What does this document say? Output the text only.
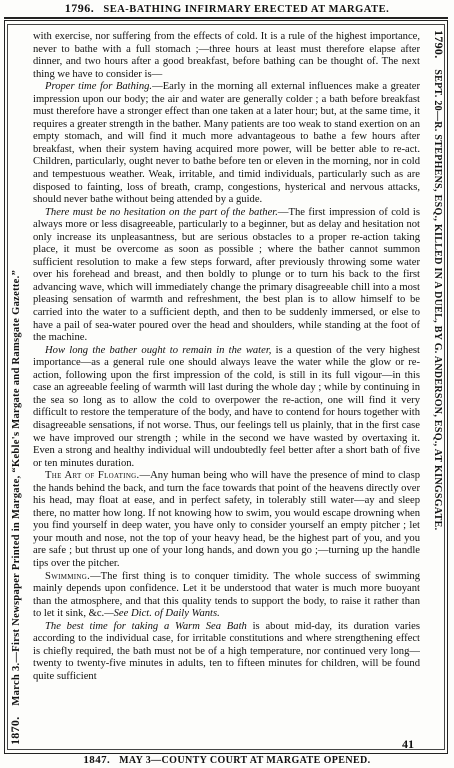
1796. SEA-BATHING INFIRMARY ERECTED AT MARGATE.
1870. March 3.—First Newspaper Printed in Margate, “Keble's Margate and Ramsgate Gazette.”
1790. SEPT. 20—R. STEPHENS, ESQ., KILLED IN A DUEL, BY G. ANDERSON, ESQ., AT KINGSGATE.

with exercise, nor suffering from the effects of cold. It is a rule of the highest importance, never to bathe with a full stomach ;—three hours at least must therefore elapse after dinner, and two hours after a good breakfast, before bathing can be thought of. The next thing we have to consider is—

Proper time for Bathing.—Early in the morning all external influences make a greater impression upon our body; the air and water are generally colder ; a bath before breakfast must therefore have a stronger effect than one taken at a later hour; but, at the same time, it requires a greater strength in the bather. Many patients are too weak to stand exertion on an empty stomach, and will find it much more advantageous to bathe a few hours after breakfast, when their system having acquired more power, will be better able to re-act. Children, particularly, ought never to bathe before ten or eleven in the morning, nor in cold and tempestuous weather. Weak, irritable, and timid individuals, particularly such as are disposed to fainting, loss of breath, cramp, congestions, hysterical and nervous attacks, should never bathe without being attended by a guide.

There must be no hesitation on the part of the bather.—The first impression of cold is always more or less disagreeable, particularly to a beginner, but as delay and hesitation not only increase its unpleasantness, but are serious obstacles to a proper re-action taking place, it must be overcome as soon as possible ; where the bather cannot summon sufficient resolution to make a few steps forward, after previously throwing some water over his forehead and breast, and then boldly to plunge or to turn his back to the first advancing wave, which will immediately change the primary disagreeable chill into a most pleasing sensation of warmth and refreshment, the best plan is to allow himself to be carried into the water to a sufficient depth, and then to be suddenly immersed, or else to have a pail of sea-water poured over the head and shoulders, while standing at the foot of the machine.

How long the bather ought to remain in the water, is a question of the very highest importance—as a general rule one should always leave the water while the glow or re-action, following upon the first impression of the cold, is still in its full vigour—in this case an agreeable feeling of warmth will last during the whole day ; while by continuing in the sea so long as to allow the cold to overpower the re-action, one will find it very difficult to restore the temperature of the body, and have to contend for hours together with disagreeable sensations, if not worse. Thus, our feelings tell us plainly, that in the first case we have improved our strength ; while in the second we have wasted by overtaxing it. Even a strong and healthy individual will undoubtedly feel better after a short bath of five or ten minutes duration.

The Art of Floating.—Any human being who will have the presence of mind to clasp the hands behind the back, and turn the face towards that point of the heavens directly over his head, may float at ease, and in perfect safety, in tolerably still water—ay and sleep there, no matter how long. If not knowing how to swim, you would escape drowning when you find yourself in deep water, you have only to consider yourself an empty pitcher ; let your mouth and nose, not the top of your heavy head, be the highest part of you, and you are safe ; but thrust up one of your long hands, and down you go ;—turning up the handle tips over the pitcher.

Swimming.—The first thing is to conquer timidity. The whole success of swimming mainly depends upon confidence. Let it be understood that water is much more buoyant than the atmosphere, and that this quality tends to support the body, to raise it rather than to let it sink, &c.—See Dict. of Daily Wants.

The best time for taking a Warm Sea Bath is about mid-day, its duration varies according to the individual case, for irritable constitutions and where strengthening effect is chiefly required, the bath must not be of a high temperature, nor continued very long—twenty to twenty-five minutes in adults, ten to fifteen minutes for children, will be found quite sufficient

41
1847. MAY 3—COUNTY COURT AT MARGATE OPENED.
